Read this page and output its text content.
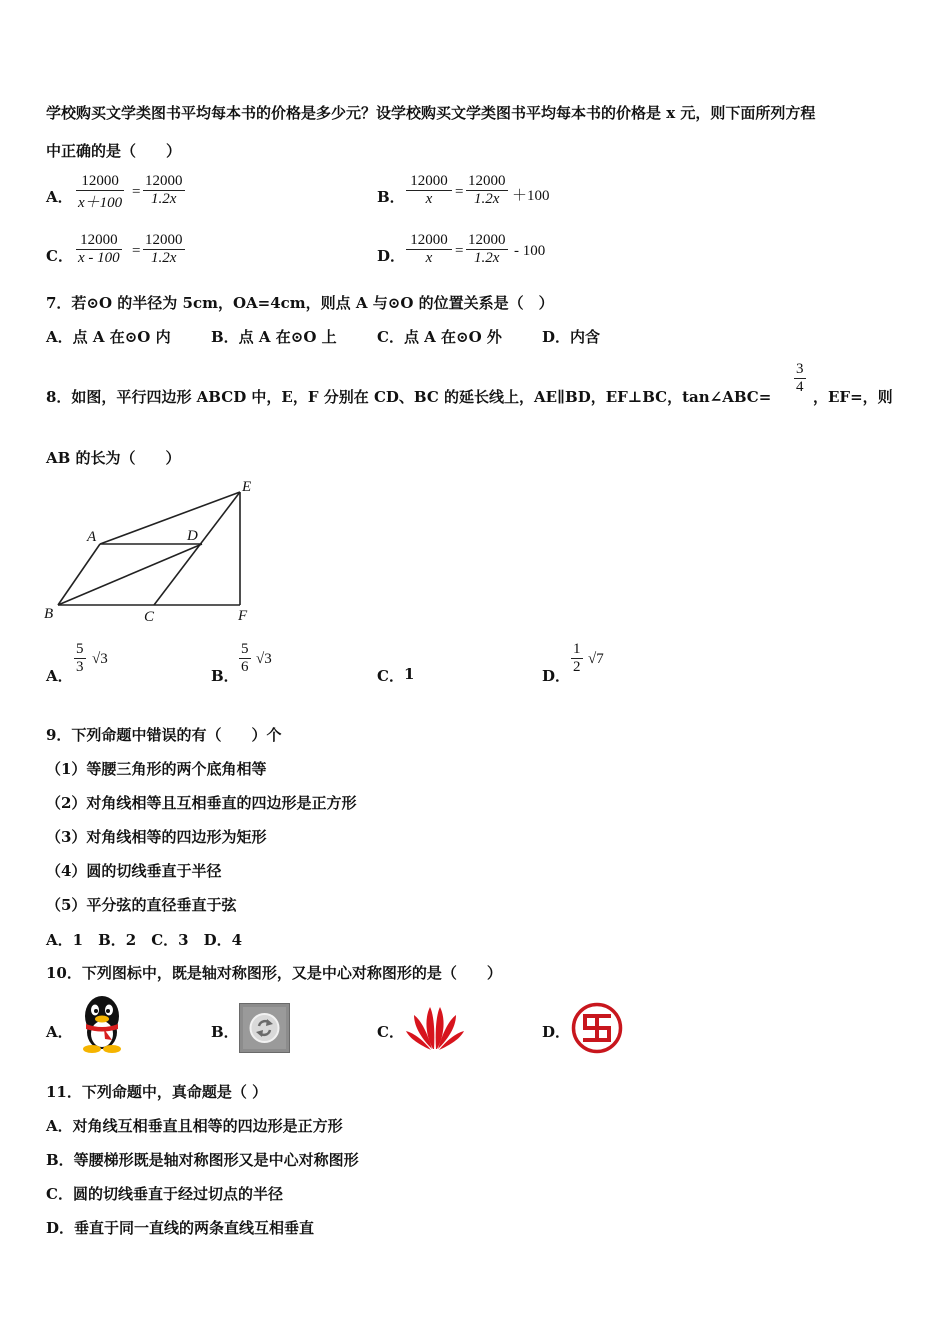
学校购买文学类图书平均每本书的价格是多少元？设学校购买文学类图书平均每本书的价格是 x 元，则下面所列方程
中正确的是（　　）
A． $\frac{12000}{x+100} = \frac{12000}{1.2x}$	B． $\frac{12000}{x} = \frac{12000}{1.2x} +100$
C． $\frac{12000}{x - 100} = \frac{12000}{1.2x}$	D． $\frac{12000}{x} = \frac{12000}{1.2x} - 100$
7．若⊙O 的半径为 5cm，OA=4cm，则点 A 与⊙O 的位置关系是（　）
A．点 A 在⊙O 内	B．点 A 在⊙O 上	C．点 A 在⊙O 外	D．内含
8．如图，平行四边形 ABCD 中，E，F 分别在 CD、BC 的延长线上，AE∥BD，EF⊥BC，tan∠ABC=
$\frac{3}{4}$
，EF=，则
AB 的长为（　　）
A
B	C
D
E
F
A． $\frac{5}{3} √3$
B． $\frac{5}{6} √3$
C． 1	D． $\frac{1}{2} √7$
9．下列命题中错误的有（　　）个
（1）等腰三角形的两个底角相等
（2）对角线相等且互相垂直的四边形是正方形
（3）对角线相等的四边形为矩形
（4）圆的切线垂直于半径
（5）平分弦的直径垂直于弦
A．1　B．2　C．3　D．4
10．下列图标中，既是轴对称图形，又是中心对称图形的是（　　）
A．	B．	C．	D．
11．下列命题中，真命题是（ ）
A．对角线互相垂直且相等的四边形是正方形
B．等腰梯形既是轴对称图形又是中心对称图形
C．圆的切线垂直于经过切点的半径
D．垂直于同一直线的两条直线互相垂直
